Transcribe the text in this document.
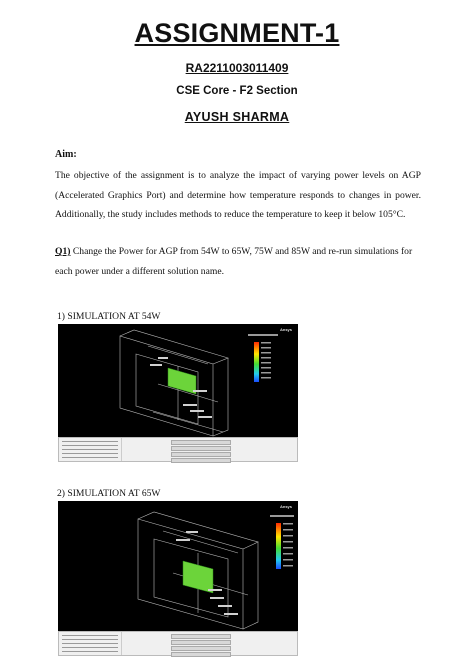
ASSIGNMENT-1
RA2211003011409
CSE Core - F2 Section
AYUSH SHARMA
Aim:
The objective of the assignment is to analyze the impact of varying power levels on AGP (Accelerated Graphics Port) and determine how temperature responds to changes in power. Additionally, the study includes methods to reduce the temperature to keep it below 105°C.
Q1) Change the Power for AGP from 54W to 65W, 75W and 85W and re-run simulations for each power under a different solution name.
1) SIMULATION AT 54W
Ansys
2) SIMULATION AT 65W
Ansys
